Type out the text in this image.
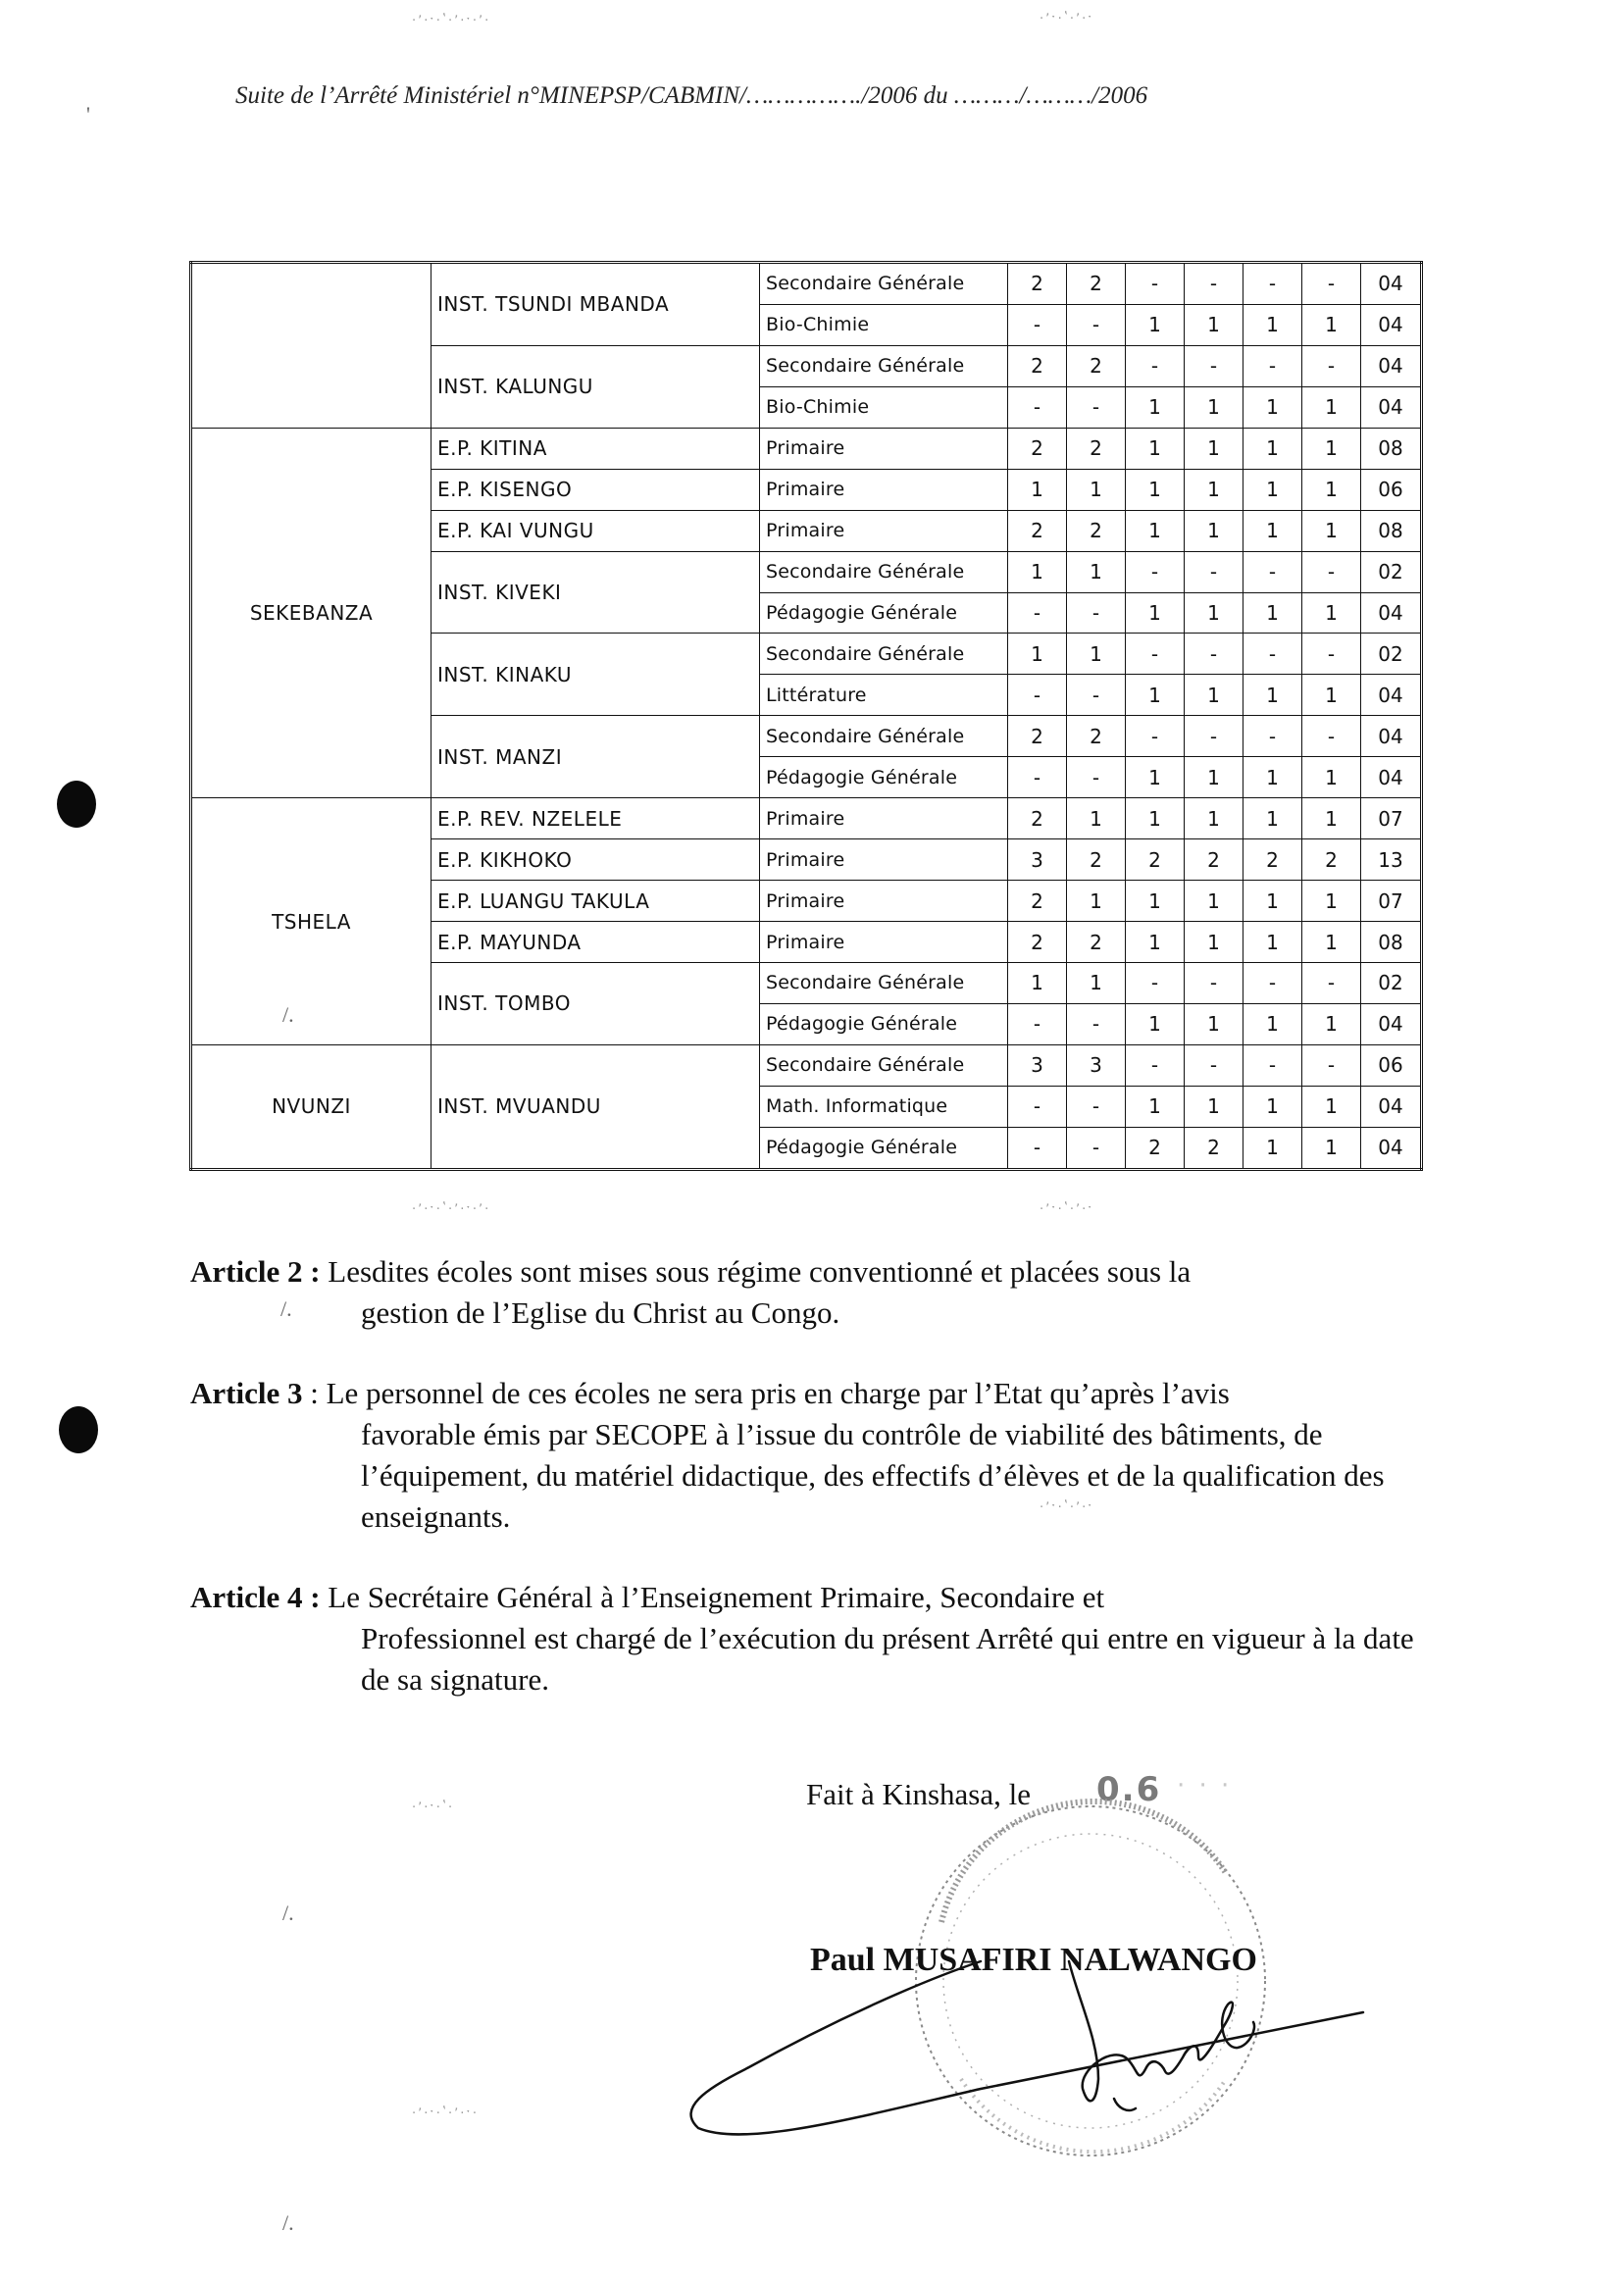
·ʼ·ˑ·ʽ·ʼ·ˑ·ʼ·	·ʼˑ·ʽ·ʼ·ˑ
·ʼ·ˑ·ʽ·ʼ·ˑ·ʼ·	·ʼˑ·ʽ·ʼ·ˑ
·ʼˑ·ʽ·ʼ·ˑ
·ʼ·ˑ·ʽ·
·ʼ·ˑ·ʽ·ʼ·ˑ·
'
/.
/.
/.
/.
Suite de l’Arrêté Ministériel n°MINEPSP/CABMIN/……………./2006 du ………/………/2006
	INST. TSUNDI MBANDA	Secondaire Générale	2	2	-	-	-	-	04
		Bio-Chimie	-	-	1	1	1	1	04
	INST. KALUNGU	Secondaire Générale	2	2	-	-	-	-	04
		Bio-Chimie	-	-	1	1	1	1	04
SEKEBANZA	E.P. KITINA	Primaire	2	2	1	1	1	1	08
	E.P. KISENGO	Primaire	1	1	1	1	1	1	06
	E.P. KAI VUNGU	Primaire	2	2	1	1	1	1	08
	INST. KIVEKI	Secondaire Générale	1	1	-	-	-	-	02
		Pédagogie Générale	-	-	1	1	1	1	04
	INST. KINAKU	Secondaire Générale	1	1	-	-	-	-	02
		Littérature	-	-	1	1	1	1	04
	INST. MANZI	Secondaire Générale	2	2	-	-	-	-	04
		Pédagogie Générale	-	-	1	1	1	1	04
TSHELA	E.P. REV. NZELELE	Primaire	2	1	1	1	1	1	07
	E.P. KIKHOKO	Primaire	3	2	2	2	2	2	13
	E.P. LUANGU TAKULA	Primaire	2	1	1	1	1	1	07
	E.P. MAYUNDA	Primaire	2	2	1	1	1	1	08
	INST. TOMBO	Secondaire Générale	1	1	-	-	-	-	02
		Pédagogie Générale	-	-	1	1	1	1	04
NVUNZI	INST. MVUANDU	Secondaire Générale	3	3	-	-	-	-	06
		Math. Informatique	-	-	1	1	1	1	04
		Pédagogie Générale	-	-	2	2	1	1	04
Article 2 : Lesdites écoles sont mises sous régime conventionné et placées sous la
gestion de l’Eglise du Christ au Congo.
Article 3 : Le personnel de ces écoles ne sera pris en charge par l’Etat qu’après l’avis
favorable émis par SECOPE à l’issue du contrôle de viabilité des bâtiments, de l’équipement, du matériel didactique, des effectifs d’élèves et de la qualification des enseignants.
Article 4 : Le Secrétaire Général à l’Enseignement Primaire, Secondaire et
Professionnel est chargé de l’exécution du présent Arrêté qui entre en vigueur à la date de sa signature.
Fait à Kinshasa, le 0.6 · · ·
Paul MUSAFIRI NALWANGO
